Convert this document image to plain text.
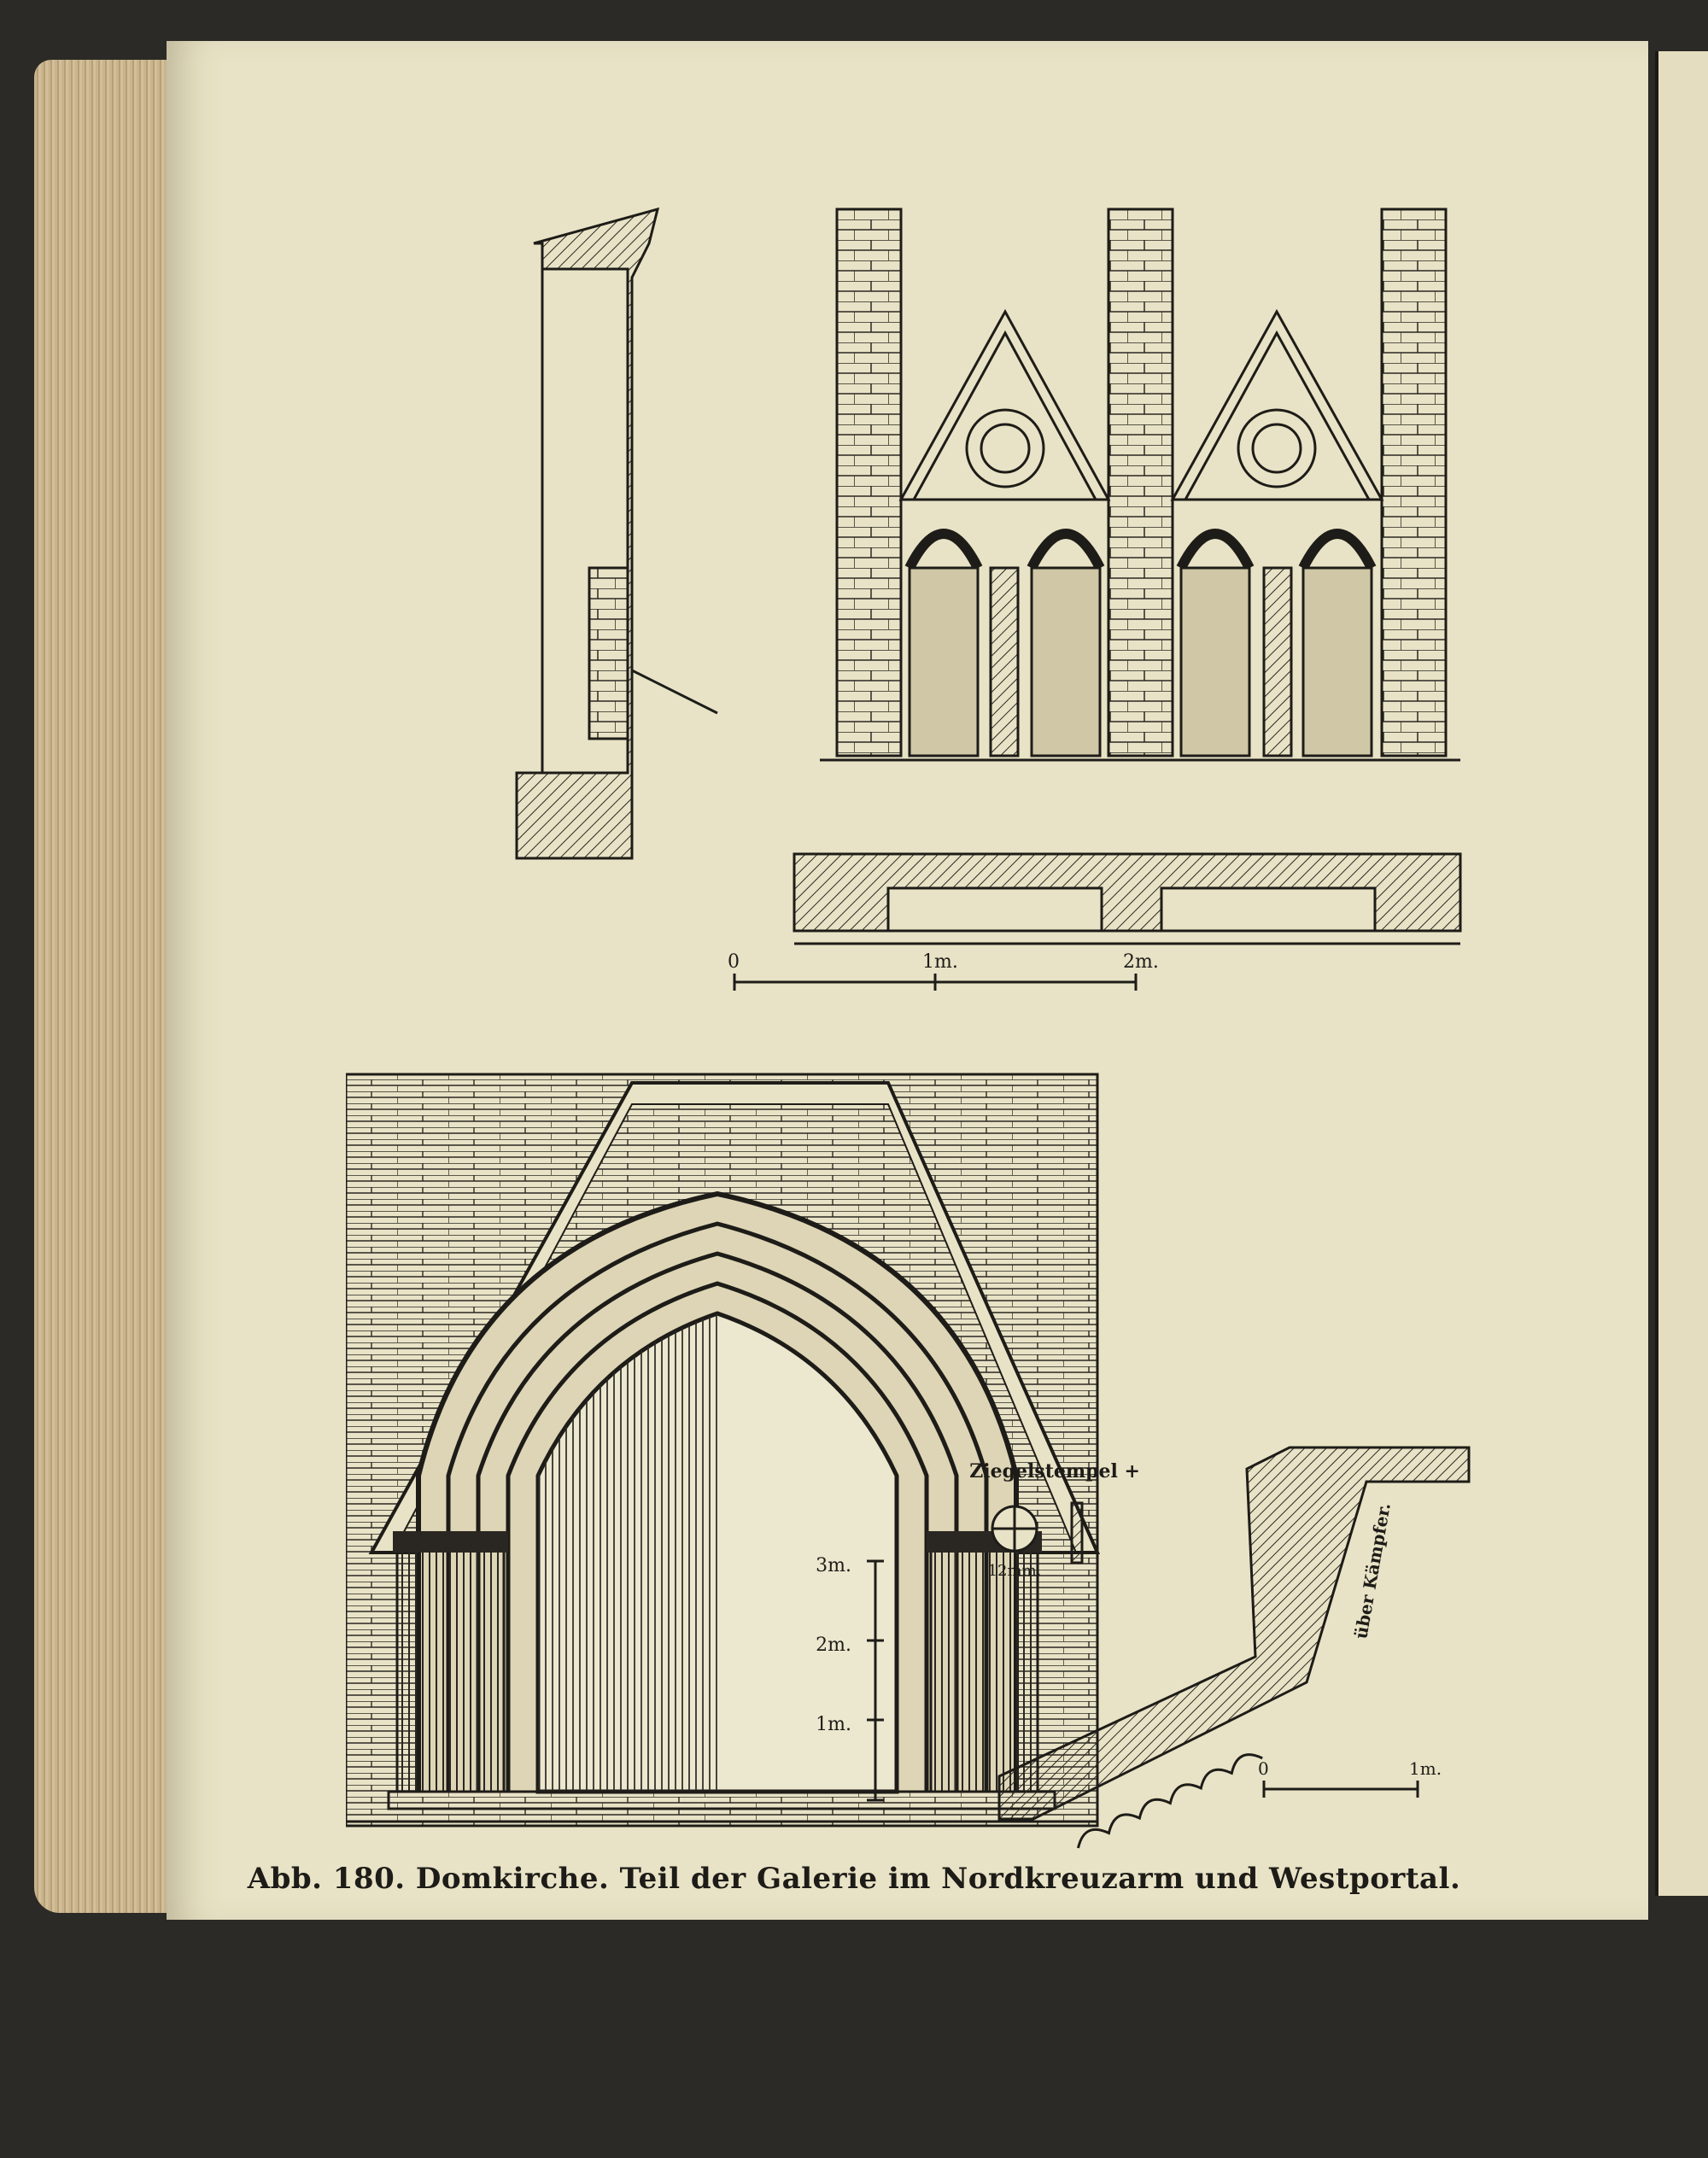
0	1m.	2m.
3m.
2m.
1m.
Ziegelstempel +
12mm.	über Kämpfer.
0	1m.
Abb. 180. Domkirche. Teil der Galerie im Nordkreuzarm und Westportal.
